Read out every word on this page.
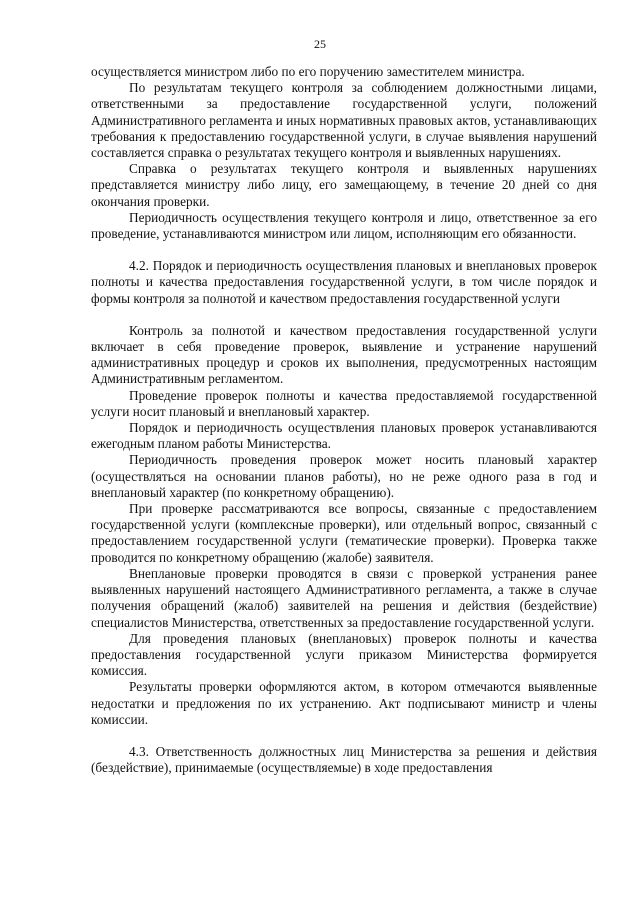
25

осуществляется министром либо по его поручению заместителем министра.

По результатам текущего контроля за соблюдением должностными лицами, ответственными за предоставление государственной услуги, положений Административного регламента и иных нормативных правовых актов, устанавливающих требования к предоставлению государственной услуги, в случае выявления нарушений составляется справка о результатах текущего контроля и выявленных нарушениях.

Справка о результатах текущего контроля и выявленных нарушениях представляется министру либо лицу, его замещающему, в течение 20 дней со дня окончания проверки.

Периодичность осуществления текущего контроля и лицо, ответственное за его проведение, устанавливаются министром или лицом, исполняющим его обязанности.

4.2. Порядок и периодичность осуществления плановых и внеплановых проверок полноты и качества предоставления государственной услуги, в том числе порядок и формы контроля за полнотой и качеством предоставления государственной услуги

Контроль за полнотой и качеством предоставления государственной услуги включает в себя проведение проверок, выявление и устранение нарушений административных процедур и сроков их выполнения, предусмотренных настоящим Административным регламентом.

Проведение проверок полноты и качества предоставляемой государственной услуги носит плановый и внеплановый характер.

Порядок и периодичность осуществления плановых проверок устанавливаются ежегодным планом работы Министерства.

Периодичность проведения проверок может носить плановый характер (осуществляться на основании планов работы), но не реже одного раза в год и внеплановый характер (по конкретному обращению).

При проверке рассматриваются все вопросы, связанные с предоставлением государственной услуги (комплексные проверки), или отдельный вопрос, связанный с предоставлением государственной услуги (тематические проверки). Проверка также проводится по конкретному обращению (жалобе) заявителя.

Внеплановые проверки проводятся в связи с проверкой устранения ранее выявленных нарушений настоящего Административного регламента, а также в случае получения обращений (жалоб) заявителей на решения и действия (бездействие) специалистов Министерства, ответственных за предоставление государственной услуги.

Для проведения плановых (внеплановых) проверок полноты и качества предоставления государственной услуги приказом Министерства формируется комиссия.

Результаты проверки оформляются актом, в котором отмечаются выявленные недостатки и предложения по их устранению. Акт подписывают министр и члены комиссии.

4.3. Ответственность должностных лиц Министерства за решения и действия (бездействие), принимаемые (осуществляемые) в ходе предоставления
